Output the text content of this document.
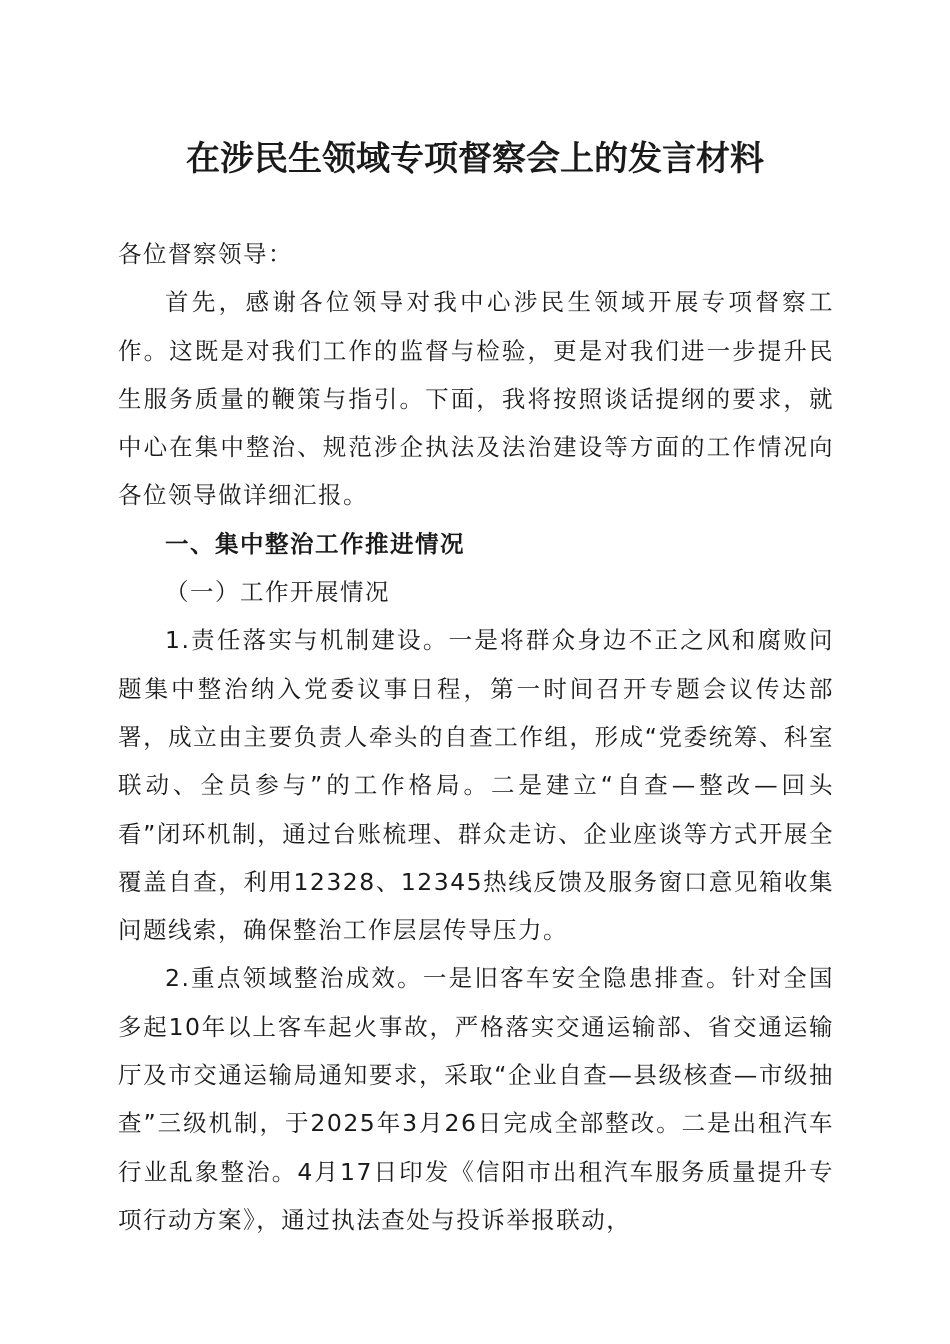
在涉民生领域专项督察会上的发言材料

各位督察领导：

首先，感谢各位领导对我中心涉民生领域开展专项督察工作。这既是对我们工作的监督与检验，更是对我们进一步提升民生服务质量的鞭策与指引。下面，我将按照谈话提纲的要求，就中心在集中整治、规范涉企执法及法治建设等方面的工作情况向各位领导做详细汇报。

一、集中整治工作推进情况

（一）工作开展情况

1.责任落实与机制建设。一是将群众身边不正之风和腐败问题集中整治纳入党委议事日程，第一时间召开专题会议传达部署，成立由主要负责人牵头的自查工作组，形成“党委统筹、科室联动、全员参与”的工作格局。二是建立“自查—整改—回头看”闭环机制，通过台账梳理、群众走访、企业座谈等方式开展全覆盖自查，利用12328、12345热线反馈及服务窗口意见箱收集问题线索，确保整治工作层层传导压力。

2.重点领域整治成效。一是旧客车安全隐患排查。针对全国多起10年以上客车起火事故，严格落实交通运输部、省交通运输厅及市交通运输局通知要求，采取“企业自查—县级核查—市级抽查”三级机制，于2025年3月26日完成全部整改。二是出租汽车行业乱象整治。4月17日印发《信阳市出租汽车服务质量提升专项行动方案》，通过执法查处与投诉举报联动，
